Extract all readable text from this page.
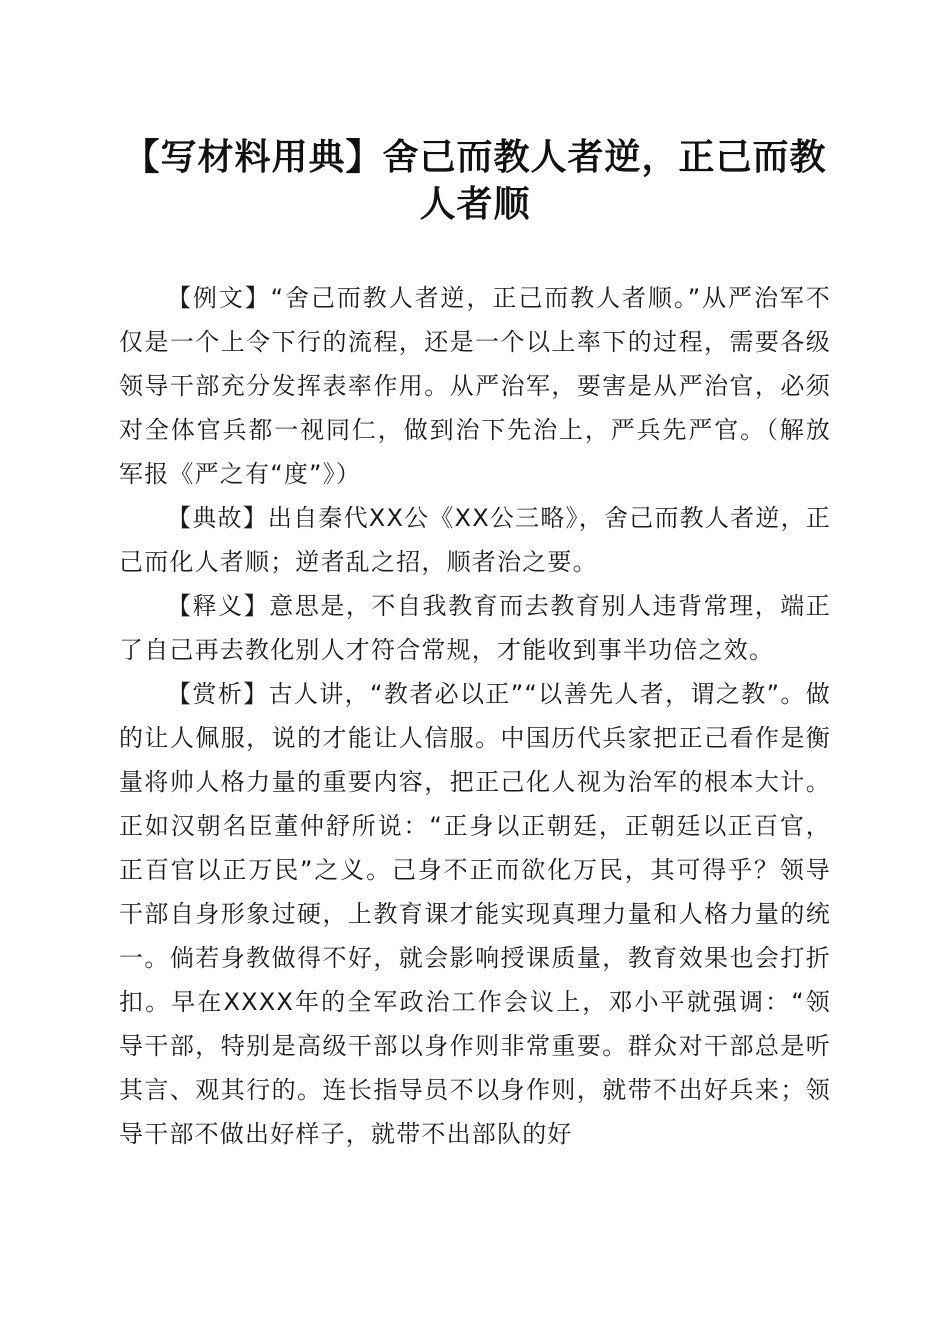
【写材料用典】舍己而教人者逆，正己而教人者顺

【例文】“舍己而教人者逆，正己而教人者顺。”从严治军不仅是一个上令下行的流程，还是一个以上率下的过程，需要各级领导干部充分发挥表率作用。从严治军，要害是从严治官，必须对全体官兵都一视同仁，做到治下先治上，严兵先严官。（解放军报《严之有“度”》）

【典故】出自秦代XX公《XX公三略》，舍己而教人者逆，正己而化人者顺；逆者乱之招，顺者治之要。

【释义】意思是，不自我教育而去教育别人违背常理，端正了自己再去教化别人才符合常规，才能收到事半功倍之效。

【赏析】古人讲，“教者必以正”“以善先人者，谓之教”。做的让人佩服，说的才能让人信服。中国历代兵家把正己看作是衡量将帅人格力量的重要内容，把正己化人视为治军的根本大计。正如汉朝名臣董仲舒所说：“正身以正朝廷，正朝廷以正百官，正百官以正万民”之义。己身不正而欲化万民，其可得乎？领导干部自身形象过硬，上教育课才能实现真理力量和人格力量的统一。倘若身教做得不好，就会影响授课质量，教育效果也会打折扣。早在XXXX年的全军政治工作会议上，邓小平就强调：“领导干部，特别是高级干部以身作则非常重要。群众对干部总是听其言、观其行的。连长指导员不以身作则，就带不出好兵来；领导干部不做出好样子，就带不出部队的好
